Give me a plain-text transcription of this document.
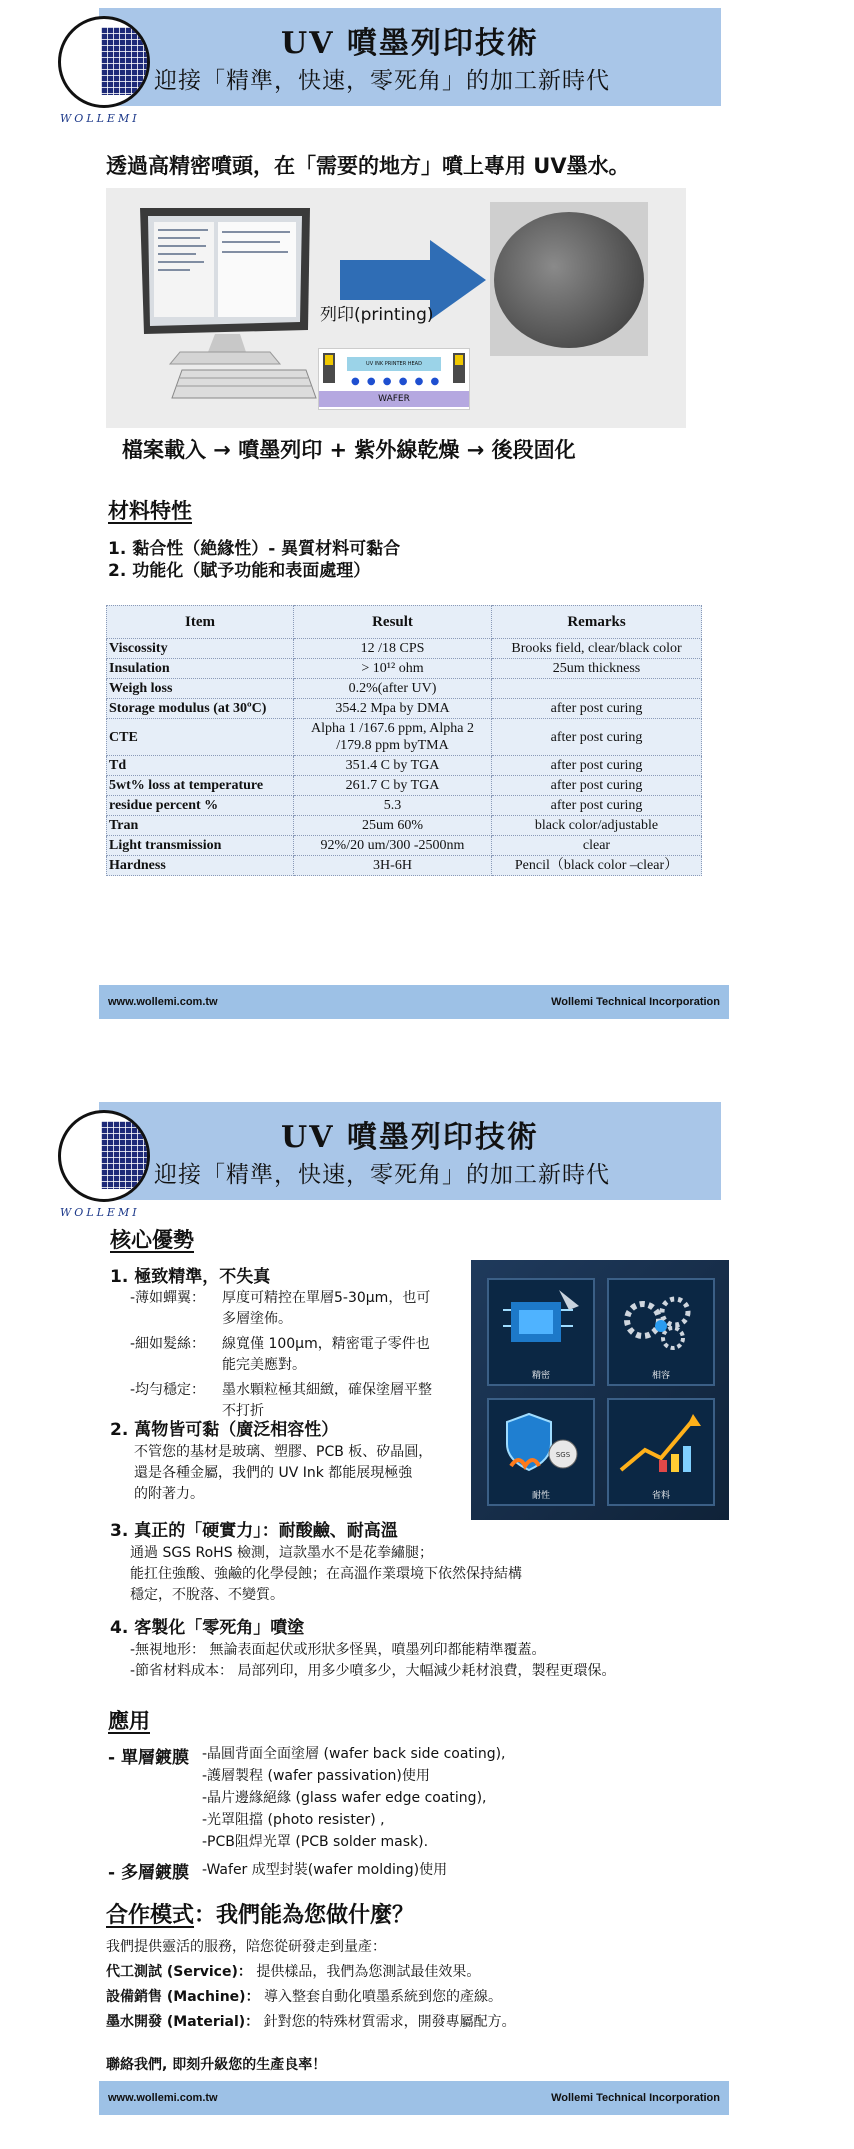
UV 噴墨列印技術
迎接「精準，快速，零死角」的加工新時代
WOLLEMI
透過高精密噴頭，在「需要的地方」噴上專用 UV墨水。
列印(printing)
UV INK PRINTER HEAD
● ● ● ● ● ●
WAFER
檔案載入 → 噴墨列印 + 紫外線乾燥 → 後段固化
材料特性
1. 黏合性（絶緣性）- 異質材料可黏合
2. 功能化（賦予功能和表面處理）
Item	Result	Remarks
Viscossity	12 /18 CPS	Brooks field, clear/black color
Insulation	> 10¹² ohm	25um thickness
Weigh loss	0.2%(after UV)	
Storage modulus (at 30ºC)	354.2 Mpa by DMA	after post curing
CTE	Alpha 1 /167.6 ppm, Alpha 2 /179.8 ppm byTMA	after post curing
Td	351.4 C by TGA	after post curing
5wt% loss at temperature	261.7 C by TGA	after post curing
residue percent %	5.3	after post curing
Tran	25um 60%	black color/adjustable
Light transmission	92%/20 um/300 -2500nm	clear
Hardness	3H-6H	Pencil（black color –clear）
www.wollemi.com.tw	Wollemi Technical Incorporation
UV 噴墨列印技術
迎接「精準，快速，零死角」的加工新時代
WOLLEMI
核心優勢
1. 極致精準，不失真
-薄如蟬翼：	厚度可精控在單層5-30µm，也可
多層塗佈。
-細如髮絲：	線寬僅 100µm，精密電子零件也
能完美應對。
-均勻穩定：	墨水顆粒極其細緻，確保塗層平整
不打折
2. 萬物皆可黏（廣泛相容性）
不管您的基材是玻璃、塑膠、PCB 板、矽晶圓，
還是各種金屬，我們的 UV Ink 都能展現極強
的附著力。
3. 真正的「硬實力」：耐酸鹼、耐高溫
通過 SGS RoHS 檢測，這款墨水不是花拳繡腿；
能扛住強酸、強鹼的化學侵蝕；在高溫作業環境下依然保持結構
穩定，不脫落、不變質。
4. 客製化「零死角」噴塗
-無視地形： 無論表面起伏或形狀多怪異，噴墨列印都能精準覆蓋。
-節省材料成本： 局部列印，用多少噴多少，大幅減少耗材浪費，製程更環保。
精密	相容
SGS
耐性	省料
應用
- 單層鍍膜 -晶圓背面全面塗層 (wafer back side coating),
-護層製程 (wafer passivation)使用
-晶片邊緣絕緣 (glass wafer edge coating),
-光罩阻擋 (photo resister) ,
-PCB阻焊光罩 (PCB solder mask).
- 多層鍍膜 -Wafer 成型封裝(wafer molding)使用
合作模式：我們能為您做什麼？
我們提供靈活的服務，陪您從研發走到量產：
代工測試 (Service)： 提供樣品，我們為您測試最佳效果。
設備銷售 (Machine)： 導入整套自動化噴墨系統到您的產線。
墨水開發 (Material)： 針對您的特殊材質需求，開發專屬配方。
聯絡我們, 即刻升級您的生產良率！
www.wollemi.com.tw	Wollemi Technical Incorporation
